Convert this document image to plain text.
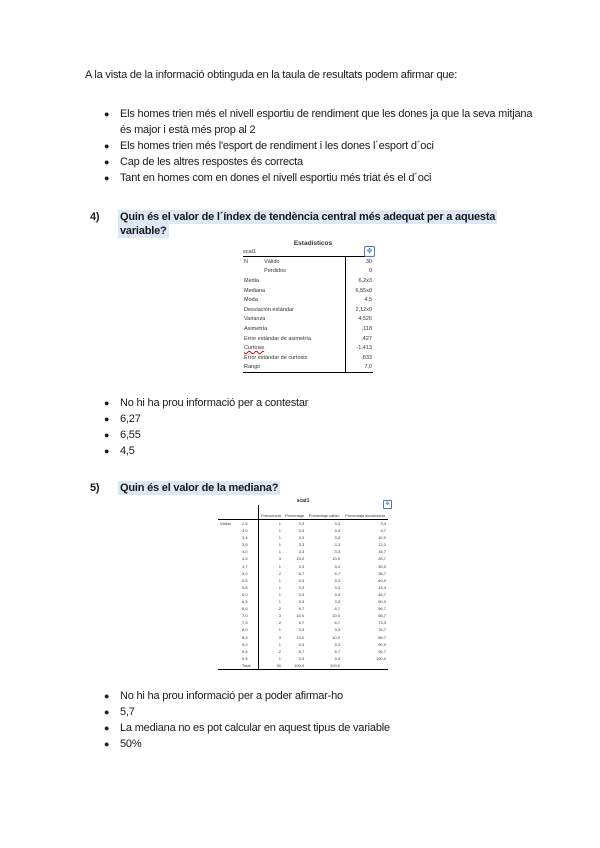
A la vista de la informació obtinguda en la taula de resultats podem afirmar que:
● Els homes trien més el nivell esportiu de rendiment que les dones ja que la seva mitjana
és major i està més prop al 2
● Els homes trien més l'esport de rendiment i les dones l´esport d´oci
● Cap de les altres respostes és correcta
● Tant en homes com en dones el nivell esportiu més triat és el d´oci
4) Quin és el valor de l´índex de tendència central més adequat per a aquesta
variable?
Estadísticos
✥
scat1
N	Válido	30
	Perdidos	0
Media		6,2x3
Mediana		6,55x0
Moda		4,5
Desviación estándar		2,12x0
Varianza		4,526
Asimetría		,118
Error estándar de asimetría		,427
Curtosis		-1,413
Error estándar de curtosis		,833
Rango		7,0
● No hi ha prou informació per a contestar
● 6,27
● 6,55
● 4,5
5) Quin és el valor de la mediana?
scat1	✥
		Frecuencia	Porcentaje	Porcentaje válido	Porcentaje acumulado
Válido	2,5	1	3,3	3,3	3,3
	3,0	1	3,3	3,3	6,7
	3,4	1	3,3	3,3	10,0
	3,5	1	3,3	3,3	13,3
	4,0	1	3,3	3,3	16,7
	4,5	3	10,0	10,0	26,7
	4,7	1	3,3	3,3	30,0
	5,0	2	6,7	6,7	36,7
	5,5	1	3,3	3,3	40,0
	5,8	1	3,3	3,3	43,3
	6,0	1	3,3	3,3	46,7
	6,5	1	3,3	3,3	50,0
	6,6	2	6,7	6,7	56,7
	7,0	3	10,0	10,0	66,7
	7,5	2	6,7	6,7	73,3
	8,0	1	3,3	3,3	76,7
	8,5	3	10,0	10,0	86,7
	9,0	1	3,3	3,3	90,0
	9,4	2	6,7	6,7	96,7
	9,5	1	3,3	3,3	100,0
	Total	30	100,0	100,0	
● No hi ha prou informació per a poder afirmar-ho
● 5,7
● La mediana no es pot calcular en aquest tipus de variable
● 50%
